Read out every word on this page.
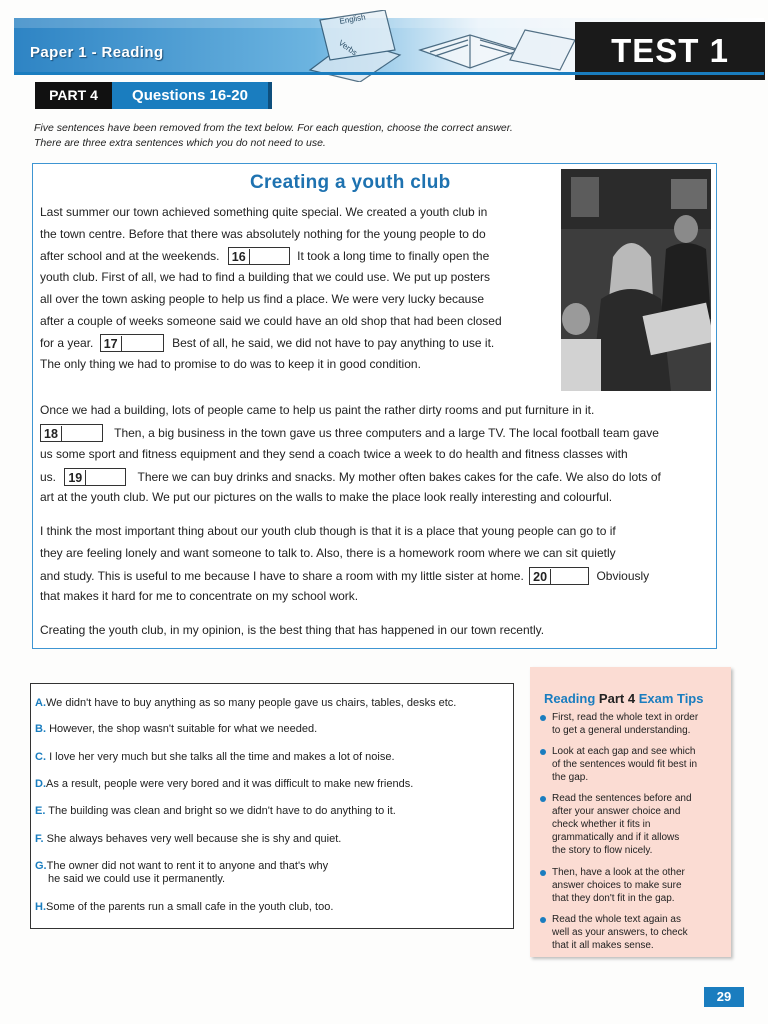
English
Verbs
Paper 1 - Reading	TEST 1
PART 4	Questions 16-20
Five sentences have been removed from the text below. For each question, choose the correct answer.
There are three extra sentences which you do not need to use.
Creating a youth club
Last summer our town achieved something quite special. We created a youth club in
the town centre. Before that there was absolutely nothing for the young people to do
after school and at the weekends. 16	It took a long time to finally open the
youth club. First of all, we had to find a building that we could use. We put up posters
all over the town asking people to help us find a place. We were very lucky because
after a couple of weeks someone said we could have an old shop that had been closed
for a year. 17	Best of all, he said, we did not have to pay anything to use it.
The only thing we had to promise to do was to keep it in good condition.
Once we had a building, lots of people came to help us paint the rather dirty rooms and put furniture in it.
18	Then, a big business in the town gave us three computers and a large TV. The local football team gave
us some sport and fitness equipment and they send a coach twice a week to do health and fitness classes with
us. 19	There we can buy drinks and snacks. My mother often bakes cakes for the cafe. We also do lots of
art at the youth club. We put our pictures on the walls to make the place look really interesting and colourful.
I think the most important thing about our youth club though is that it is a place that young people can go to if
they are feeling lonely and want someone to talk to. Also, there is a homework room where we can sit quietly
and study. This is useful to me because I have to share a room with my little sister at home. 20	Obviously
that makes it hard for me to concentrate on my school work.
Creating the youth club, in my opinion, is the best thing that has happened in our town recently.
A.We didn't have to buy anything as so many people gave us chairs, tables, desks etc.
B. However, the shop wasn't suitable for what we needed.
C. I love her very much but she talks all the time and makes a lot of noise.
D.As a result, people were very bored and it was difficult to make new friends.
E. The building was clean and bright so we didn't have to do anything to it.
F. She always behaves very well because she is shy and quiet.
G.The owner did not want to rent it to anyone and that's why
he said we could use it permanently.
H.Some of the parents run a small cafe in the youth club, too.
Reading Part 4 Exam Tips
First, read the whole text in order
to get a general understanding.
Look at each gap and see which
of the sentences would fit best in
the gap.
Read the sentences before and
after your answer choice and
check whether it fits in
grammatically and if it allows
the story to flow nicely.
Then, have a look at the other
answer choices to make sure
that they don't fit in the gap.
Read the whole text again as
well as your answers, to check
that it all makes sense.
29
